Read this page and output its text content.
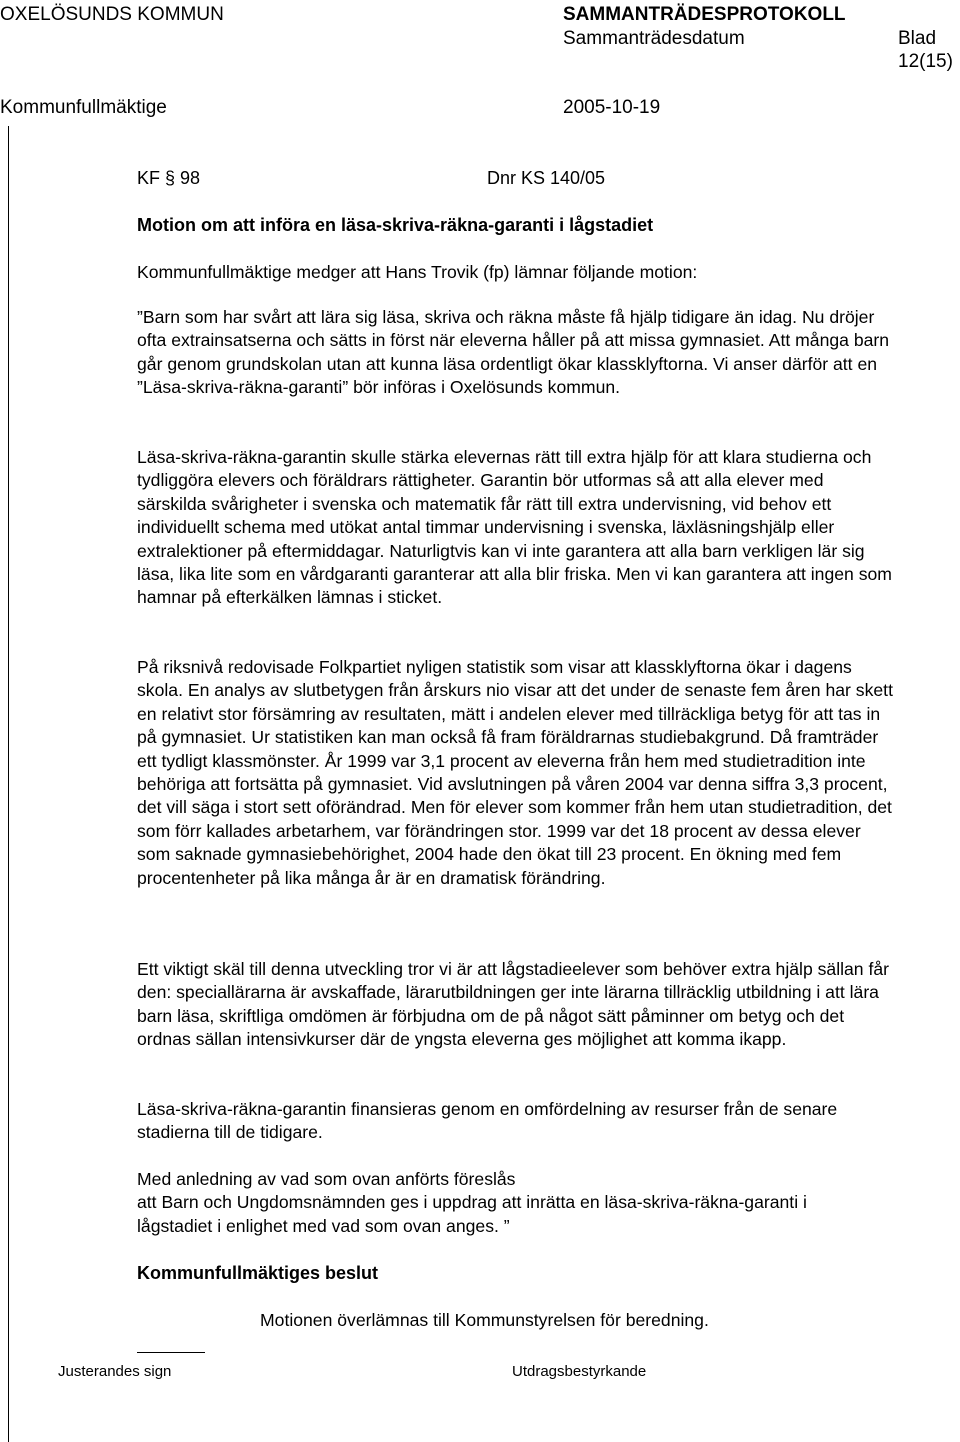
OXELÖSUNDS KOMMUN	SAMMANTRÄDESPROTOKOLL
Sammanträdesdatum	Blad
12(15)
Kommunfullmäktige	2005-10-19
KF § 98	Dnr KS 140/05
Motion om att införa en läsa-skriva-räkna-garanti i lågstadiet
Kommunfullmäktige medger att Hans Trovik (fp) lämnar följande motion:

”Barn som har svårt att lära sig läsa, skriva och räkna måste få hjälp tidigare än idag. Nu dröjer ofta extrainsatserna och sätts in först när eleverna håller på att missa gymnasiet. Att många barn går genom grundskolan utan att kunna läsa ordentligt ökar klassklyftorna. Vi anser därför att en ”Läsa-skriva-räkna-garanti” bör införas i Oxelösunds kommun.

Läsa-skriva-räkna-garantin skulle stärka elevernas rätt till extra hjälp för att klara studierna och tydliggöra elevers och föräldrars rättigheter. Garantin bör utformas så att alla elever med särskilda svårigheter i svenska och matematik får rätt till extra undervisning, vid behov ett individuellt schema med utökat antal timmar undervisning i svenska, läxläsningshjälp eller extralektioner på eftermiddagar. Naturligtvis kan vi inte garantera att alla barn verkligen lär sig läsa, lika lite som en vårdgaranti garanterar att alla blir friska. Men vi kan garantera att ingen som hamnar på efterkälken lämnas i sticket.

På riksnivå redovisade Folkpartiet nyligen statistik som visar att klassklyftorna ökar i dagens skola. En analys av slutbetygen från årskurs nio visar att det under de senaste fem åren har skett en relativt stor försämring av resultaten, mätt i andelen elever med tillräckliga betyg för att tas in på gymnasiet. Ur statistiken kan man också få fram föräldrarnas studiebakgrund. Då framträder ett tydligt klassmönster. År 1999 var 3,1 procent av eleverna från hem med studietradition inte behöriga att fortsätta på gymnasiet. Vid avslutningen på våren 2004 var denna siffra 3,3 procent, det vill säga i stort sett oförändrad. Men för elever som kommer från hem utan studietradition, det som förr kallades arbetarhem, var förändringen stor. 1999 var det 18 procent av dessa elever som saknade gymnasiebehörighet, 2004 hade den ökat till 23 procent. En ökning med fem procentenheter på lika många år är en dramatisk förändring.

Ett viktigt skäl till denna utveckling tror vi är att lågstadieelever som behöver extra hjälp sällan får den: speciallärarna är avskaffade, lärarutbildningen ger inte lärarna tillräcklig utbildning i att lära barn läsa, skriftliga omdömen är förbjudna om de på något sätt påminner om betyg och det ordnas sällan intensivkurser där de yngsta eleverna ges möjlighet att komma ikapp.

Läsa-skriva-räkna-garantin finansieras genom en omfördelning av resurser från de senare stadierna till de tidigare.

Med anledning av vad som ovan anförts föreslås

att Barn och Ungdomsnämnden ges i uppdrag att inrätta en läsa-skriva-räkna-garanti i lågstadiet i enlighet med vad som ovan anges. ”

Kommunfullmäktiges beslut
Motionen överlämnas till Kommunstyrelsen för beredning.
Justerandes sign	Utdragsbestyrkande
